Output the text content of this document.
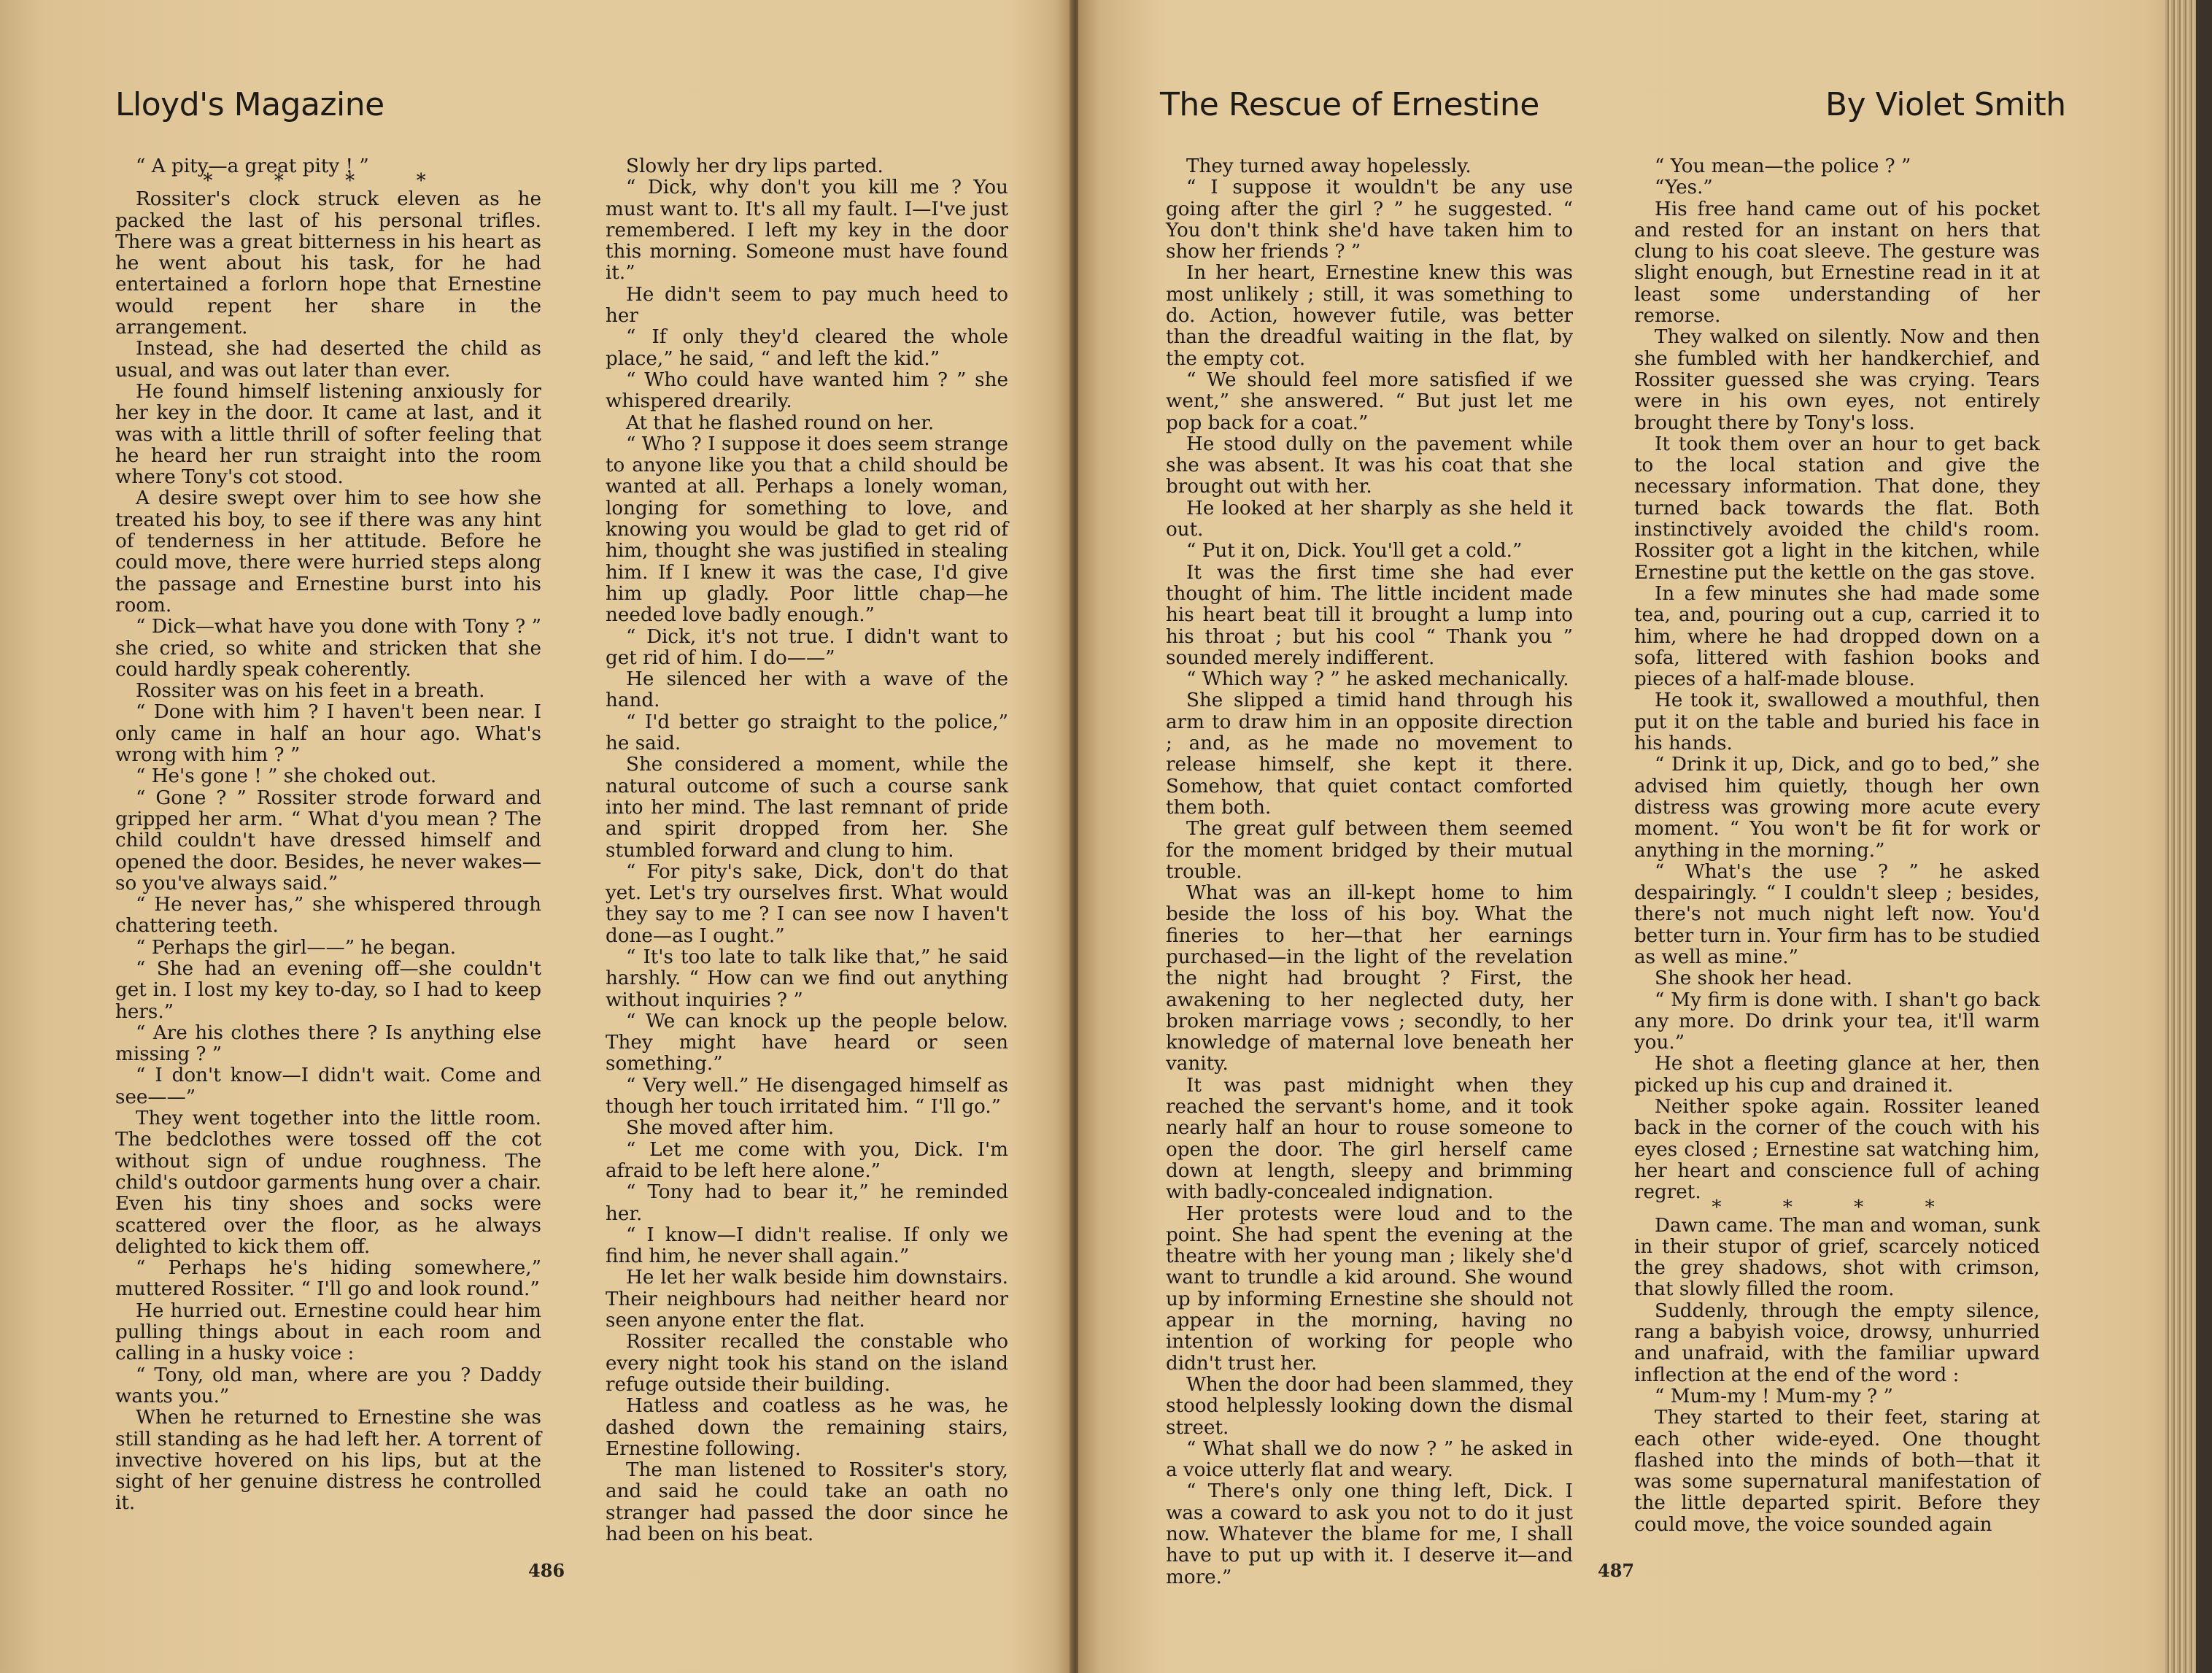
Lloyd's Magazine

“ A pity—a great pity ! ”

* * * *

Rossiter's clock struck eleven as he packed the last of his personal trifles. There was a great bitterness in his heart as he went about his task, for he had entertained a forlorn hope that Ernestine would repent her share in the arrangement.

Instead, she had deserted the child as usual, and was out later than ever.

He found himself listening anxiously for her key in the door. It came at last, and it was with a little thrill of softer feeling that he heard her run straight into the room where Tony's cot stood.

A desire swept over him to see how she treated his boy, to see if there was any hint of tenderness in her attitude. Before he could move, there were hurried steps along the passage and Ernestine burst into his room.

“ Dick—what have you done with Tony ? ” she cried, so white and stricken that she could hardly speak coherently.

Rossiter was on his feet in a breath.

“ Done with him ? I haven't been near. I only came in half an hour ago. What's wrong with him ? ”

“ He's gone ! ” she choked out.

“ Gone ? ” Rossiter strode forward and gripped her arm. “ What d'you mean ? The child couldn't have dressed himself and opened the door. Besides, he never wakes—so you've always said.”

“ He never has,” she whispered through chattering teeth.

“ Perhaps the girl——” he began.

“ She had an evening off—she couldn't get in. I lost my key to-day, so I had to keep hers.”

“ Are his clothes there ? Is anything else missing ? ”

“ I don't know—I didn't wait. Come and see——”

They went together into the little room. The bedclothes were tossed off the cot without sign of undue roughness. The child's outdoor garments hung over a chair. Even his tiny shoes and socks were scattered over the floor, as he always delighted to kick them off.

“ Perhaps he's hiding somewhere,” muttered Rossiter. “ I'll go and look round.”

He hurried out. Ernestine could hear him pulling things about in each room and calling in a husky voice :

“ Tony, old man, where are you ? Daddy wants you.”

When he returned to Ernestine she was still standing as he had left her. A torrent of invective hovered on his lips, but at the sight of her genuine distress he controlled it.

Slowly her dry lips parted.

“ Dick, why don't you kill me ? You must want to. It's all my fault. I—I've just remembered. I left my key in the door this morning. Someone must have found it.”

He didn't seem to pay much heed to her

“ If only they'd cleared the whole place,” he said, “ and left the kid.”

“ Who could have wanted him ? ” she whispered drearily.

At that he flashed round on her.

“ Who ? I suppose it does seem strange to anyone like you that a child should be wanted at all. Perhaps a lonely woman, longing for something to love, and knowing you would be glad to get rid of him, thought she was justified in stealing him. If I knew it was the case, I'd give him up gladly. Poor little chap—he needed love badly enough.”

“ Dick, it's not true. I didn't want to get rid of him. I do——”

He silenced her with a wave of the hand.

“ I'd better go straight to the police,” he said.

She considered a moment, while the natural outcome of such a course sank into her mind. The last remnant of pride and spirit dropped from her. She stumbled forward and clung to him.

“ For pity's sake, Dick, don't do that yet. Let's try ourselves first. What would they say to me ? I can see now I haven't done—as I ought.”

“ It's too late to talk like that,” he said harshly. “ How can we find out anything without inquiries ? ”

“ We can knock up the people below. They might have heard or seen something.”

“ Very well.” He disengaged himself as though her touch irritated him. “ I'll go.”

She moved after him.

“ Let me come with you, Dick. I'm afraid to be left here alone.”

“ Tony had to bear it,” he reminded her.

“ I know—I didn't realise. If only we find him, he never shall again.”

He let her walk beside him downstairs. Their neighbours had neither heard nor seen anyone enter the flat.

Rossiter recalled the constable who every night took his stand on the island refuge outside their building.

Hatless and coatless as he was, he dashed down the remaining stairs, Ernestine following.

The man listened to Rossiter's story, and said he could take an oath no stranger had passed the door since he had been on his beat.

486
The Rescue of Ernestine	By Violet Smith

They turned away hopelessly.

“ I suppose it wouldn't be any use going after the girl ? ” he suggested. “ You don't think she'd have taken him to show her friends ? ”

In her heart, Ernestine knew this was most unlikely ; still, it was something to do. Action, however futile, was better than the dreadful waiting in the flat, by the empty cot.

“ We should feel more satisfied if we went,” she answered. “ But just let me pop back for a coat.”

He stood dully on the pavement while she was absent. It was his coat that she brought out with her.

He looked at her sharply as she held it out.

“ Put it on, Dick. You'll get a cold.”

It was the first time she had ever thought of him. The little incident made his heart beat till it brought a lump into his throat ; but his cool “ Thank you ” sounded merely indifferent.

“ Which way ? ” he asked mechanically.

She slipped a timid hand through his arm to draw him in an opposite direction ; and, as he made no movement to release himself, she kept it there. Somehow, that quiet contact comforted them both.

The great gulf between them seemed for the moment bridged by their mutual trouble.

What was an ill-kept home to him beside the loss of his boy. What the fineries to her—that her earnings purchased—in the light of the revelation the night had brought ? First, the awakening to her neglected duty, her broken marriage vows ; secondly, to her knowledge of maternal love beneath her vanity.

It was past midnight when they reached the servant's home, and it took nearly half an hour to rouse someone to open the door. The girl herself came down at length, sleepy and brimming with badly-concealed indignation.

Her protests were loud and to the point. She had spent the evening at the theatre with her young man ; likely she'd want to trundle a kid around. She wound up by informing Ernestine she should not appear in the morning, having no intention of working for people who didn't trust her.

When the door had been slammed, they stood helplessly looking down the dismal street.

“ What shall we do now ? ” he asked in a voice utterly flat and weary.

“ There's only one thing left, Dick. I was a coward to ask you not to do it just now. Whatever the blame for me, I shall have to put up with it. I deserve it—and more.”

“ You mean—the police ? ”

“Yes.”

His free hand came out of his pocket and rested for an instant on hers that clung to his coat sleeve. The gesture was slight enough, but Ernestine read in it at least some understanding of her remorse.

They walked on silently. Now and then she fumbled with her handkerchief, and Rossiter guessed she was crying. Tears were in his own eyes, not entirely brought there by Tony's loss.

It took them over an hour to get back to the local station and give the necessary information. That done, they turned back towards the flat. Both instinctively avoided the child's room. Rossiter got a light in the kitchen, while Ernestine put the kettle on the gas stove.

In a few minutes she had made some tea, and, pouring out a cup, carried it to him, where he had dropped down on a sofa, littered with fashion books and pieces of a half-made blouse.

He took it, swallowed a mouthful, then put it on the table and buried his face in his hands.

“ Drink it up, Dick, and go to bed,” she advised him quietly, though her own distress was growing more acute every moment. “ You won't be fit for work or anything in the morning.”

“ What's the use ? ” he asked despairingly. “ I couldn't sleep ; besides, there's not much night left now. You'd better turn in. Your firm has to be studied as well as mine.”

She shook her head.

“ My firm is done with. I shan't go back any more. Do drink your tea, it'll warm you.”

He shot a fleeting glance at her, then picked up his cup and drained it.

Neither spoke again. Rossiter leaned back in the corner of the couch with his eyes closed ; Ernestine sat watching him, her heart and conscience full of aching regret.

* * * *

Dawn came. The man and woman, sunk in their stupor of grief, scarcely noticed the grey shadows, shot with crimson, that slowly filled the room.

Suddenly, through the empty silence, rang a babyish voice, drowsy, unhurried and unafraid, with the familiar upward inflection at the end of the word :

“ Mum-my ! Mum-my ? ”

They started to their feet, staring at each other wide-eyed. One thought flashed into the minds of both—that it was some supernatural manifestation of the little departed spirit. Before they could move, the voice sounded again

487
